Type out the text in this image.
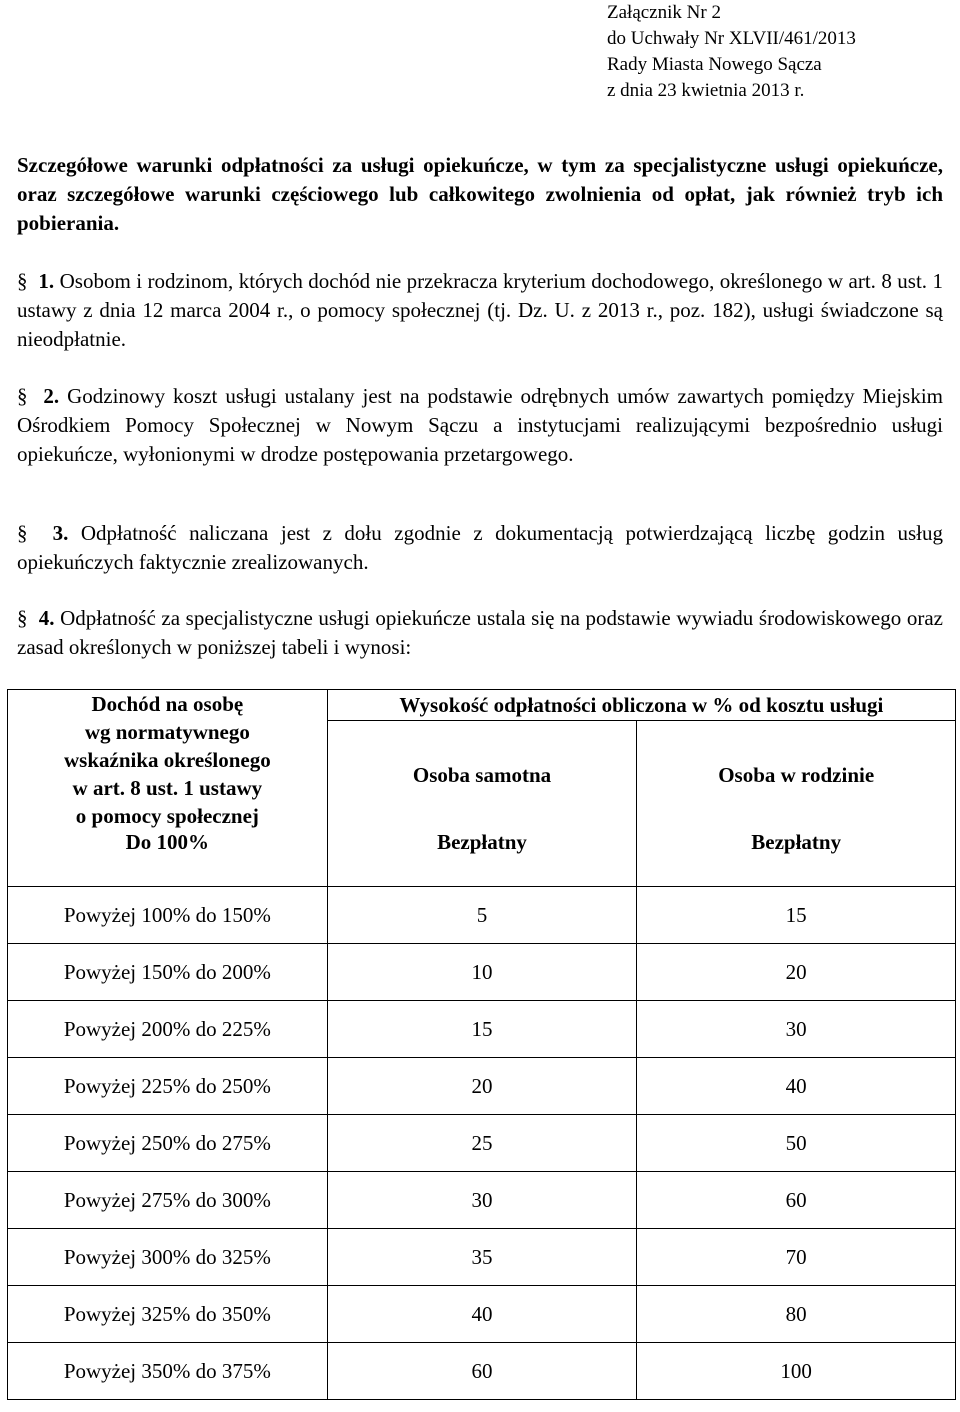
Załącznik Nr 2
do Uchwały Nr XLVII/461/2013
Rady Miasta Nowego Sącza
z dnia 23 kwietnia 2013 r.
Szczegółowe warunki odpłatności za usługi opiekuńcze, w tym za specjalistyczne usługi opiekuńcze, oraz szczegółowe warunki częściowego lub całkowitego zwolnienia od opłat, jak również tryb ich pobierania.
§ 1. Osobom i rodzinom, których dochód nie przekracza kryterium dochodowego, określonego w art. 8 ust. 1 ustawy z dnia 12 marca 2004 r., o pomocy społecznej (tj. Dz. U. z 2013 r., poz. 182), usługi świadczone są nieodpłatnie.
§ 2. Godzinowy koszt usługi ustalany jest na podstawie odrębnych umów zawartych pomiędzy Miejskim Ośrodkiem Pomocy Społecznej w Nowym Sączu a instytucjami realizującymi bezpośrednio usługi opiekuńcze, wyłonionymi w drodze postępowania przetargowego.
§ 3. Odpłatność naliczana jest z dołu zgodnie z dokumentacją potwierdzającą liczbę godzin usług opiekuńczych faktycznie zrealizowanych.
§ 4. Odpłatność za specjalistyczne usługi opiekuńcze ustala się na podstawie wywiadu środowiskowego oraz zasad określonych w poniższej tabeli i wynosi:
Dochód na osobę
wg normatywnego
wskaźnika określonego
w art. 8 ust. 1 ustawy
o pomocy społecznej	Wysokość odpłatności obliczona w % od kosztu usługi	
	Osoba samotna	Osoba w rodzinie
Do 100%	Bezpłatny	Bezpłatny
Powyżej 100% do 150%	5	15
Powyżej 150% do 200%	10	20
Powyżej 200% do 225%	15	30
Powyżej 225% do 250%	20	40
Powyżej 250% do 275%	25	50
Powyżej 275% do 300%	30	60
Powyżej 300% do 325%	35	70
Powyżej 325% do 350%	40	80
Powyżej 350% do 375%	60	100
